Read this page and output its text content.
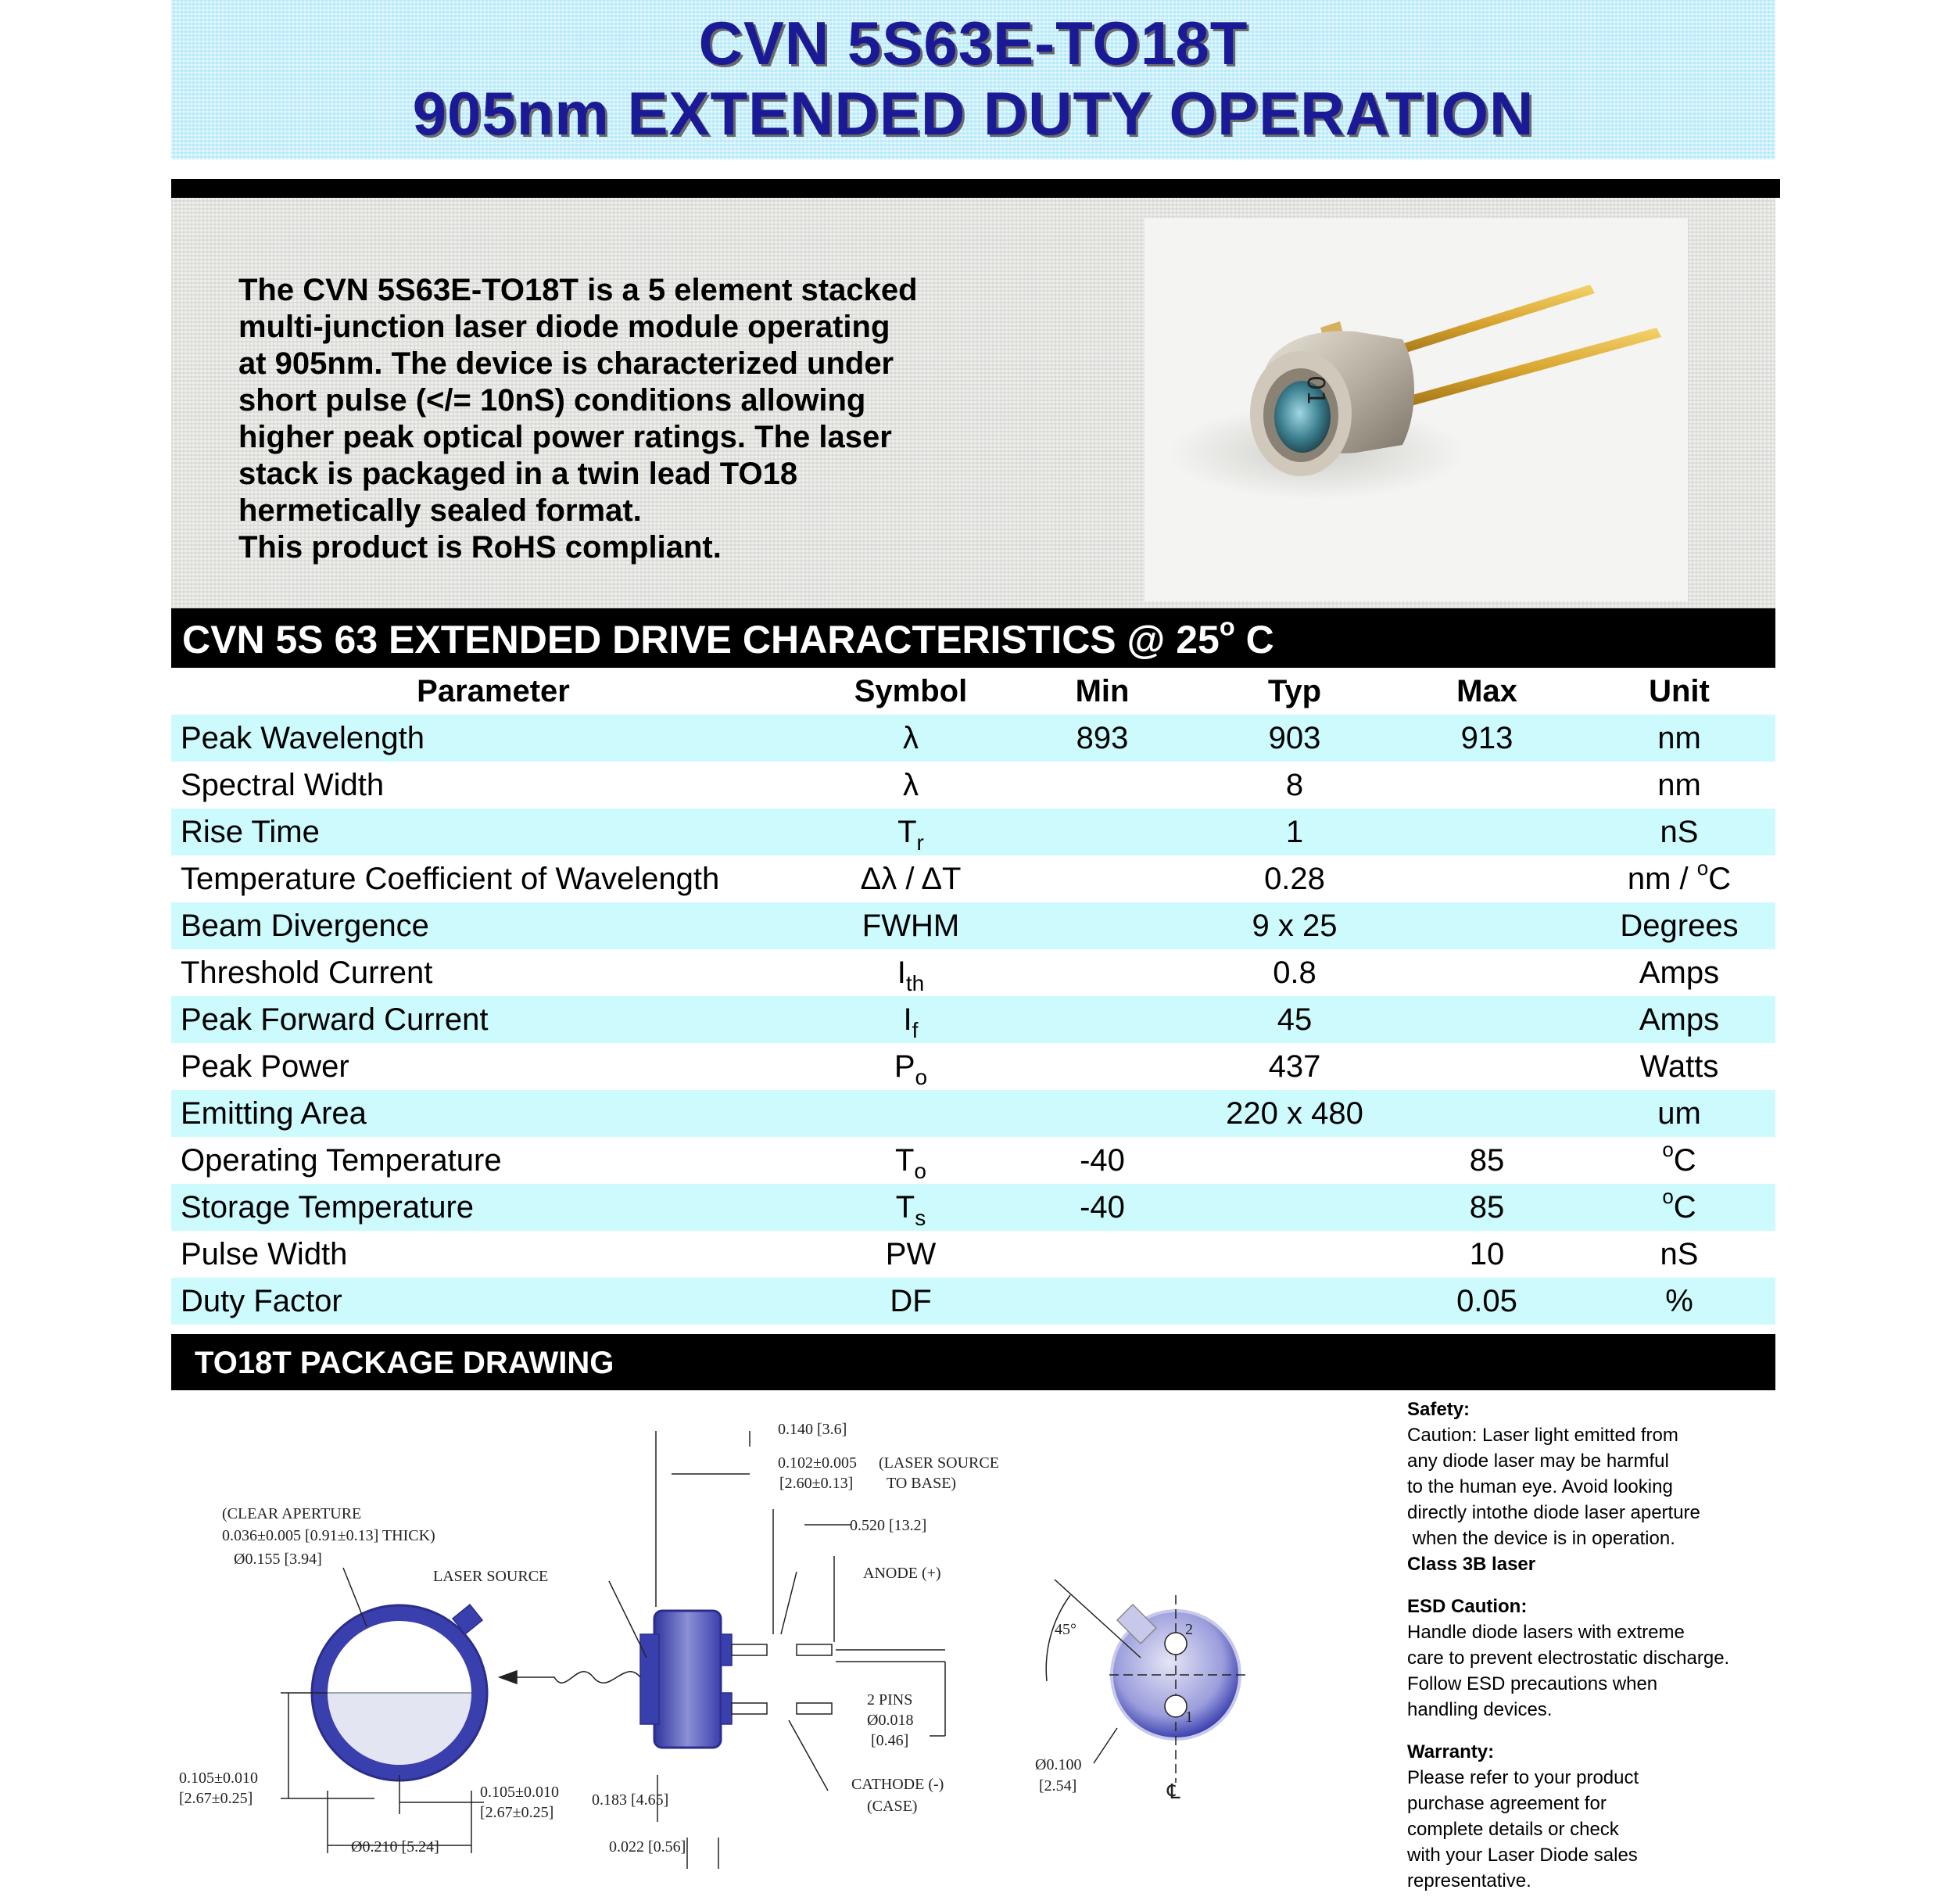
CVN 5S63E-TO18T
905nm EXTENDED DUTY OPERATION
The CVN 5S63E-TO18T is a 5 element stacked
multi-junction laser diode module operating
at 905nm. The device is characterized under
short pulse (</= 10nS) conditions allowing
higher peak optical power ratings. The laser
stack is packaged in a twin lead TO18
hermetically sealed format.
This product is RoHS compliant.
01
CVN 5S 63 EXTENDED DRIVE CHARACTERISTICS @ 25$^o$ C
Parameter	Symbol	Min	Typ	Max	Unit
Peak Wavelength	λ	893	903	913	nm
Spectral Width	λ		8		nm
Rise Time	$T_r$		1		nS
Temperature Coefficient of Wavelength	Δλ / ΔT		0.28		nm / $^o$C
Beam Divergence	FWHM		9 x 25		Degrees
Threshold Current	$I_{th}$		0.8		Amps
Peak Forward Current	$I_f$		45		Amps
Peak Power	$P_o$		437		Watts
Emitting Area			220 x 480		um
Operating Temperature	$T_o$	-40		85	$^o$C
Storage Temperature	$T_s$	-40		85	$^o$C
Pulse Width	PW			10	nS
Duty Factor	DF			0.05	%
TO18T PACKAGE DRAWING
(CLEAR APERTURE
0.036±0.005 [0.91±0.13] THICK)
Ø0.155 [3.94]
0.105±0.010
[2.67±0.25]	0.105±0.010
[2.67±0.25]
Ø0.210 [5.24]
LASER SOURCE
0.140 [3.6]
0.102±0.005
[2.60±0.13]
(LASER SOURCE
TO BASE)
0.520 [13.2]
ANODE (+)
2 PINS
Ø0.018
[0.46]
CATHODE (-)
(CASE)
0.183 [4.65]
0.022 [0.56]
45°	2
1
Ø0.100
[2.54]	℄

Safety:

Caution: Laser light emitted from

any diode laser may be harmful

to the human eye. Avoid looking

directly intothe diode laser aperture

when the device is in operation.

Class 3B laser

ESD Caution:

Handle diode lasers with extreme

care to prevent electrostatic discharge.

Follow ESD precautions when

handling devices.

Warranty:

Please refer to your product

purchase agreement for

complete details or check

with your Laser Diode sales

representative.
